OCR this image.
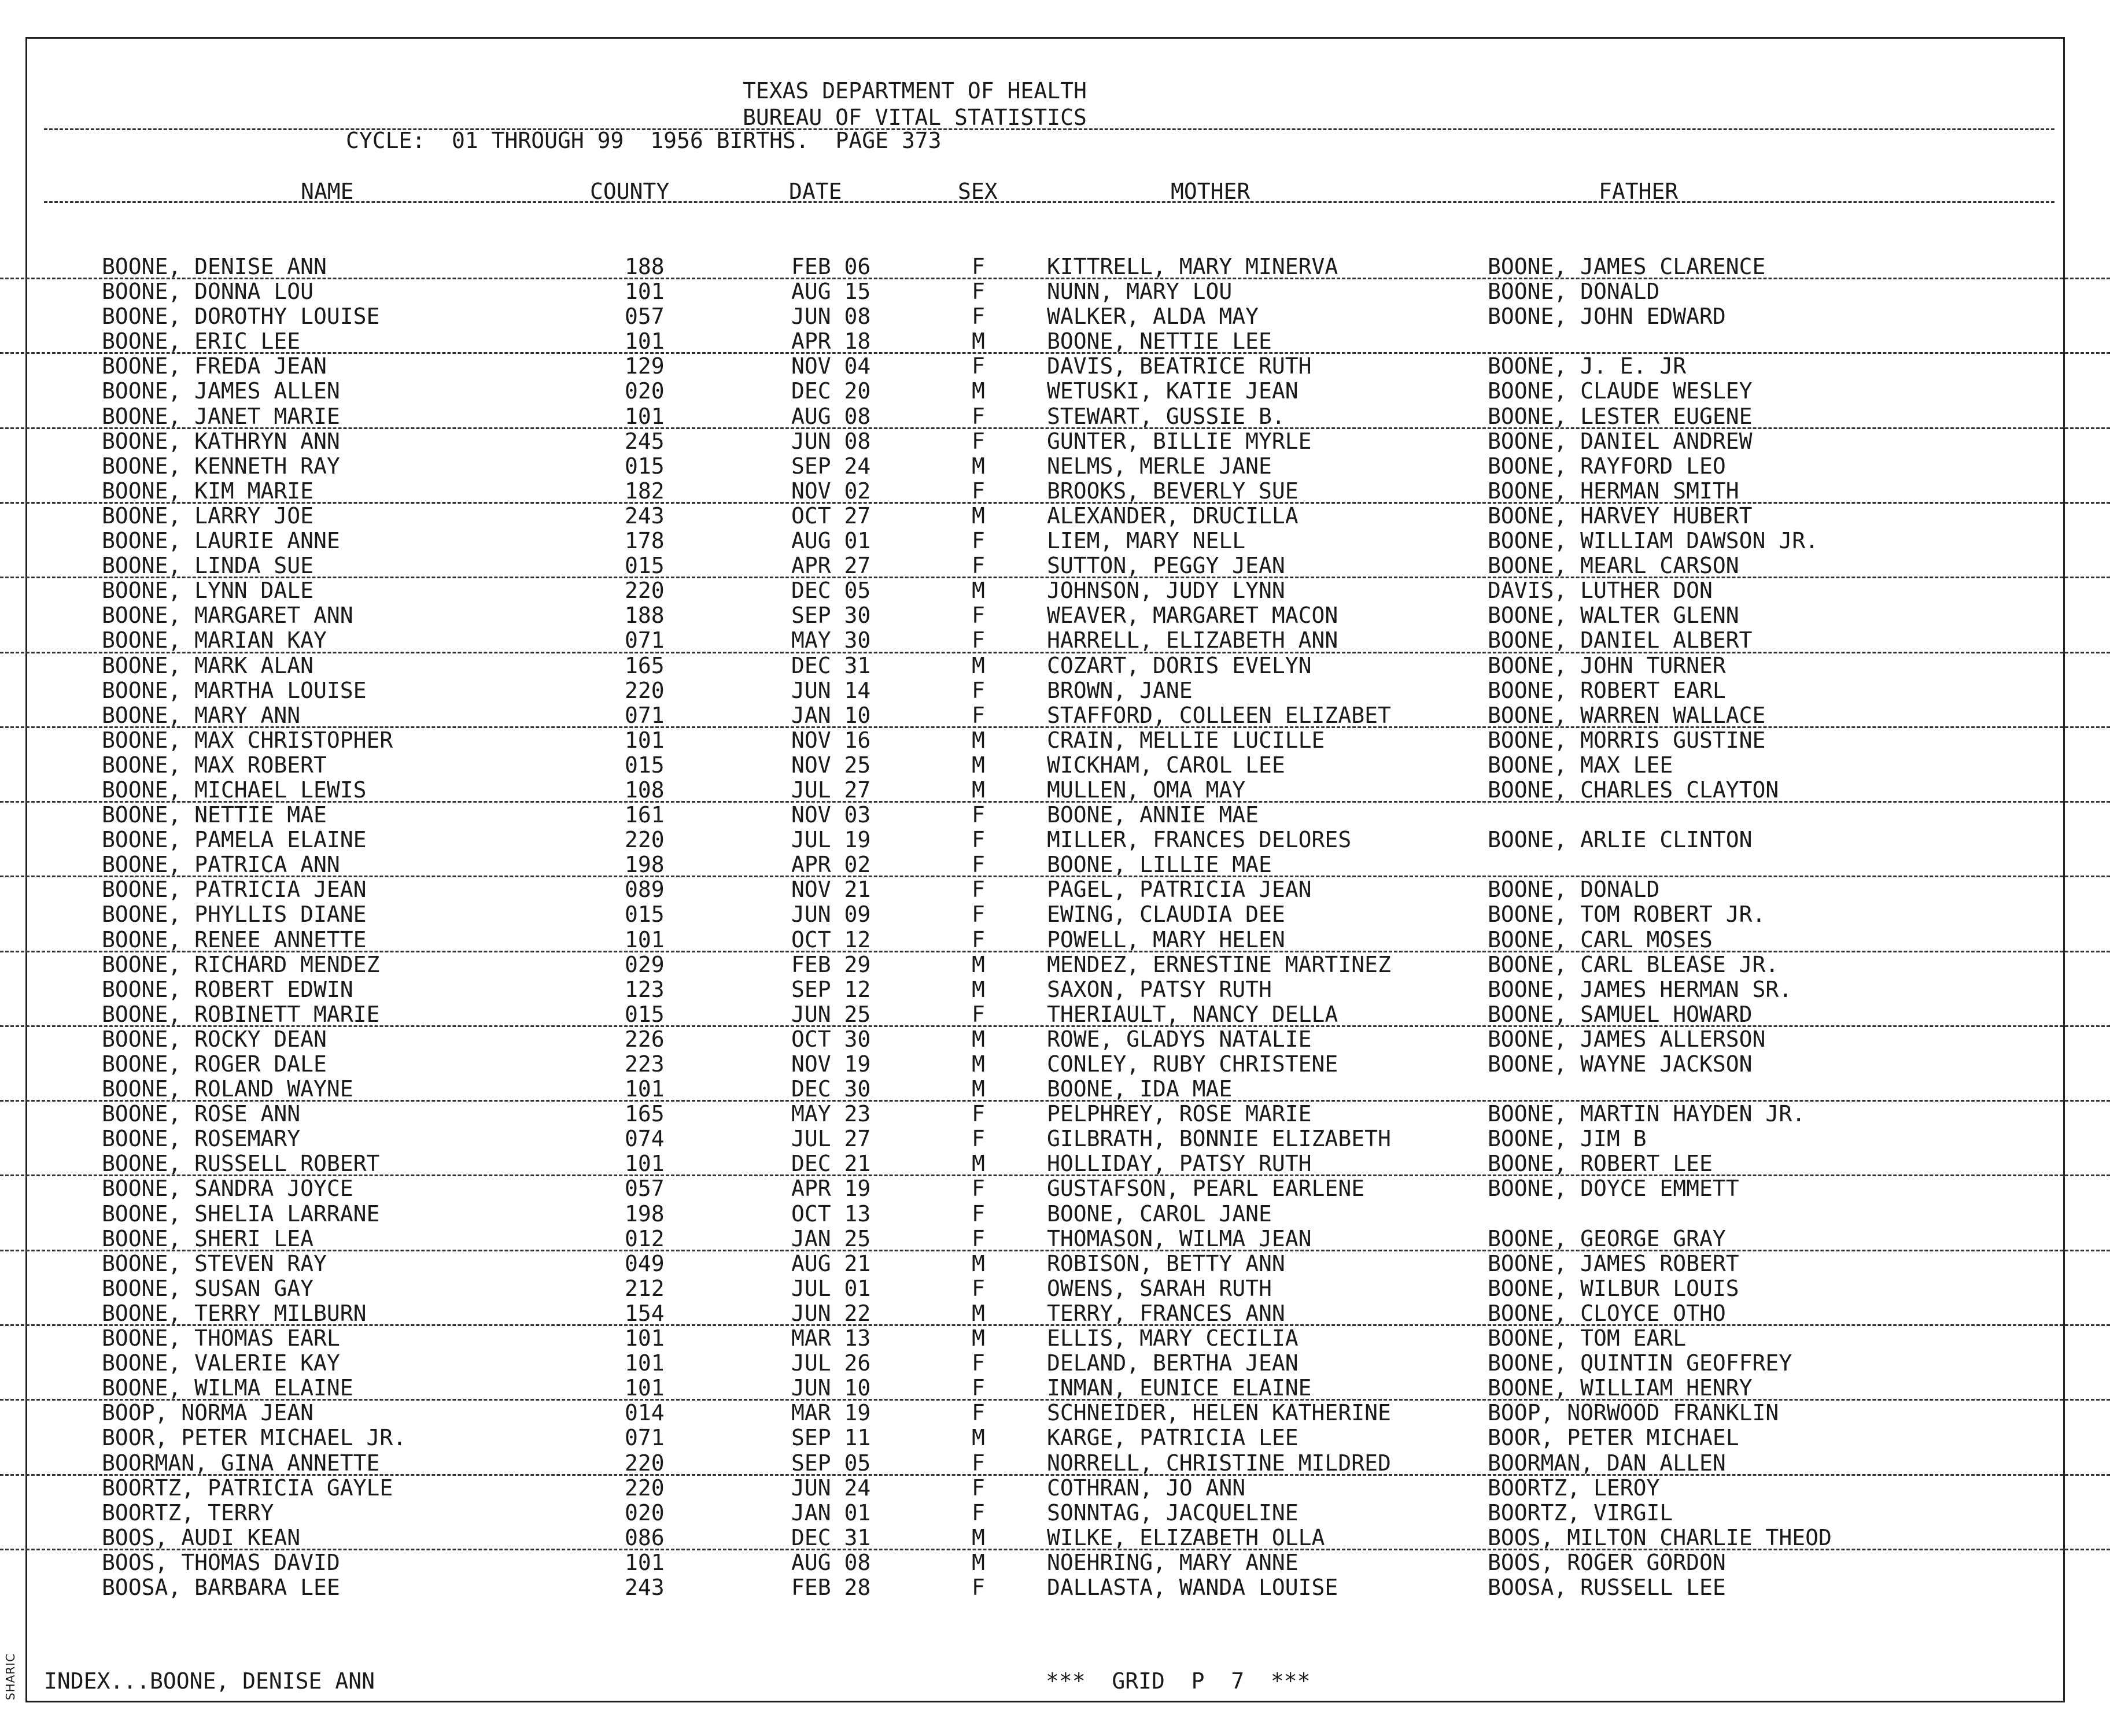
TEXAS DEPARTMENT OF HEALTH
BUREAU OF VITAL STATISTICS
CYCLE:  01 THROUGH 99  1956 BIRTHS.  PAGE 373
NAME	COUNTY	DATE	SEX	MOTHER	FATHER
BOONE, DENISE ANN	188	FEB 06	F	KITTRELL, MARY MINERVA	BOONE, JAMES CLARENCE
BOONE, DONNA LOU	101	AUG 15	F	NUNN, MARY LOU	BOONE, DONALD
BOONE, DOROTHY LOUISE	057	JUN 08	F	WALKER, ALDA MAY	BOONE, JOHN EDWARD
BOONE, ERIC LEE	101	APR 18	M	BOONE, NETTIE LEE
BOONE, FREDA JEAN	129	NOV 04	F	DAVIS, BEATRICE RUTH	BOONE, J. E. JR
BOONE, JAMES ALLEN	020	DEC 20	M	WETUSKI, KATIE JEAN	BOONE, CLAUDE WESLEY
BOONE, JANET MARIE	101	AUG 08	F	STEWART, GUSSIE B.	BOONE, LESTER EUGENE
BOONE, KATHRYN ANN	245	JUN 08	F	GUNTER, BILLIE MYRLE	BOONE, DANIEL ANDREW
BOONE, KENNETH RAY	015	SEP 24	M	NELMS, MERLE JANE	BOONE, RAYFORD LEO
BOONE, KIM MARIE	182	NOV 02	F	BROOKS, BEVERLY SUE	BOONE, HERMAN SMITH
BOONE, LARRY JOE	243	OCT 27	M	ALEXANDER, DRUCILLA	BOONE, HARVEY HUBERT
BOONE, LAURIE ANNE	178	AUG 01	F	LIEM, MARY NELL	BOONE, WILLIAM DAWSON JR.
BOONE, LINDA SUE	015	APR 27	F	SUTTON, PEGGY JEAN	BOONE, MEARL CARSON
BOONE, LYNN DALE	220	DEC 05	M	JOHNSON, JUDY LYNN	DAVIS, LUTHER DON
BOONE, MARGARET ANN	188	SEP 30	F	WEAVER, MARGARET MACON	BOONE, WALTER GLENN
BOONE, MARIAN KAY	071	MAY 30	F	HARRELL, ELIZABETH ANN	BOONE, DANIEL ALBERT
BOONE, MARK ALAN	165	DEC 31	M	COZART, DORIS EVELYN	BOONE, JOHN TURNER
BOONE, MARTHA LOUISE	220	JUN 14	F	BROWN, JANE	BOONE, ROBERT EARL
BOONE, MARY ANN	071	JAN 10	F	STAFFORD, COLLEEN ELIZABET	BOONE, WARREN WALLACE
BOONE, MAX CHRISTOPHER	101	NOV 16	M	CRAIN, MELLIE LUCILLE	BOONE, MORRIS GUSTINE
BOONE, MAX ROBERT	015	NOV 25	M	WICKHAM, CAROL LEE	BOONE, MAX LEE
BOONE, MICHAEL LEWIS	108	JUL 27	M	MULLEN, OMA MAY	BOONE, CHARLES CLAYTON
BOONE, NETTIE MAE	161	NOV 03	F	BOONE, ANNIE MAE
BOONE, PAMELA ELAINE	220	JUL 19	F	MILLER, FRANCES DELORES	BOONE, ARLIE CLINTON
BOONE, PATRICA ANN	198	APR 02	F	BOONE, LILLIE MAE
BOONE, PATRICIA JEAN	089	NOV 21	F	PAGEL, PATRICIA JEAN	BOONE, DONALD
BOONE, PHYLLIS DIANE	015	JUN 09	F	EWING, CLAUDIA DEE	BOONE, TOM ROBERT JR.
BOONE, RENEE ANNETTE	101	OCT 12	F	POWELL, MARY HELEN	BOONE, CARL MOSES
BOONE, RICHARD MENDEZ	029	FEB 29	M	MENDEZ, ERNESTINE MARTINEZ	BOONE, CARL BLEASE JR.
BOONE, ROBERT EDWIN	123	SEP 12	M	SAXON, PATSY RUTH	BOONE, JAMES HERMAN SR.
BOONE, ROBINETT MARIE	015	JUN 25	F	THERIAULT, NANCY DELLA	BOONE, SAMUEL HOWARD
BOONE, ROCKY DEAN	226	OCT 30	M	ROWE, GLADYS NATALIE	BOONE, JAMES ALLERSON
BOONE, ROGER DALE	223	NOV 19	M	CONLEY, RUBY CHRISTENE	BOONE, WAYNE JACKSON
BOONE, ROLAND WAYNE	101	DEC 30	M	BOONE, IDA MAE
BOONE, ROSE ANN	165	MAY 23	F	PELPHREY, ROSE MARIE	BOONE, MARTIN HAYDEN JR.
BOONE, ROSEMARY	074	JUL 27	F	GILBRATH, BONNIE ELIZABETH	BOONE, JIM B
BOONE, RUSSELL ROBERT	101	DEC 21	M	HOLLIDAY, PATSY RUTH	BOONE, ROBERT LEE
BOONE, SANDRA JOYCE	057	APR 19	F	GUSTAFSON, PEARL EARLENE	BOONE, DOYCE EMMETT
BOONE, SHELIA LARRANE	198	OCT 13	F	BOONE, CAROL JANE
BOONE, SHERI LEA	012	JAN 25	F	THOMASON, WILMA JEAN	BOONE, GEORGE GRAY
BOONE, STEVEN RAY	049	AUG 21	M	ROBISON, BETTY ANN	BOONE, JAMES ROBERT
BOONE, SUSAN GAY	212	JUL 01	F	OWENS, SARAH RUTH	BOONE, WILBUR LOUIS
BOONE, TERRY MILBURN	154	JUN 22	M	TERRY, FRANCES ANN	BOONE, CLOYCE OTHO
BOONE, THOMAS EARL	101	MAR 13	M	ELLIS, MARY CECILIA	BOONE, TOM EARL
BOONE, VALERIE KAY	101	JUL 26	F	DELAND, BERTHA JEAN	BOONE, QUINTIN GEOFFREY
BOONE, WILMA ELAINE	101	JUN 10	F	INMAN, EUNICE ELAINE	BOONE, WILLIAM HENRY
BOOP, NORMA JEAN	014	MAR 19	F	SCHNEIDER, HELEN KATHERINE	BOOP, NORWOOD FRANKLIN
BOOR, PETER MICHAEL JR.	071	SEP 11	M	KARGE, PATRICIA LEE	BOOR, PETER MICHAEL
BOORMAN, GINA ANNETTE	220	SEP 05	F	NORRELL, CHRISTINE MILDRED	BOORMAN, DAN ALLEN
BOORTZ, PATRICIA GAYLE	220	JUN 24	F	COTHRAN, JO ANN	BOORTZ, LEROY
BOORTZ, TERRY	020	JAN 01	F	SONNTAG, JACQUELINE	BOORTZ, VIRGIL
BOOS, AUDI KEAN	086	DEC 31	M	WILKE, ELIZABETH OLLA	BOOS, MILTON CHARLIE THEOD
BOOS, THOMAS DAVID	101	AUG 08	M	NOEHRING, MARY ANNE	BOOS, ROGER GORDON
BOOSA, BARBARA LEE	243	FEB 28	F	DALLASTA, WANDA LOUISE	BOOSA, RUSSELL LEE
INDEX...BOONE, DENISE ANN	***  GRID  P  7  ***
SHARIC
